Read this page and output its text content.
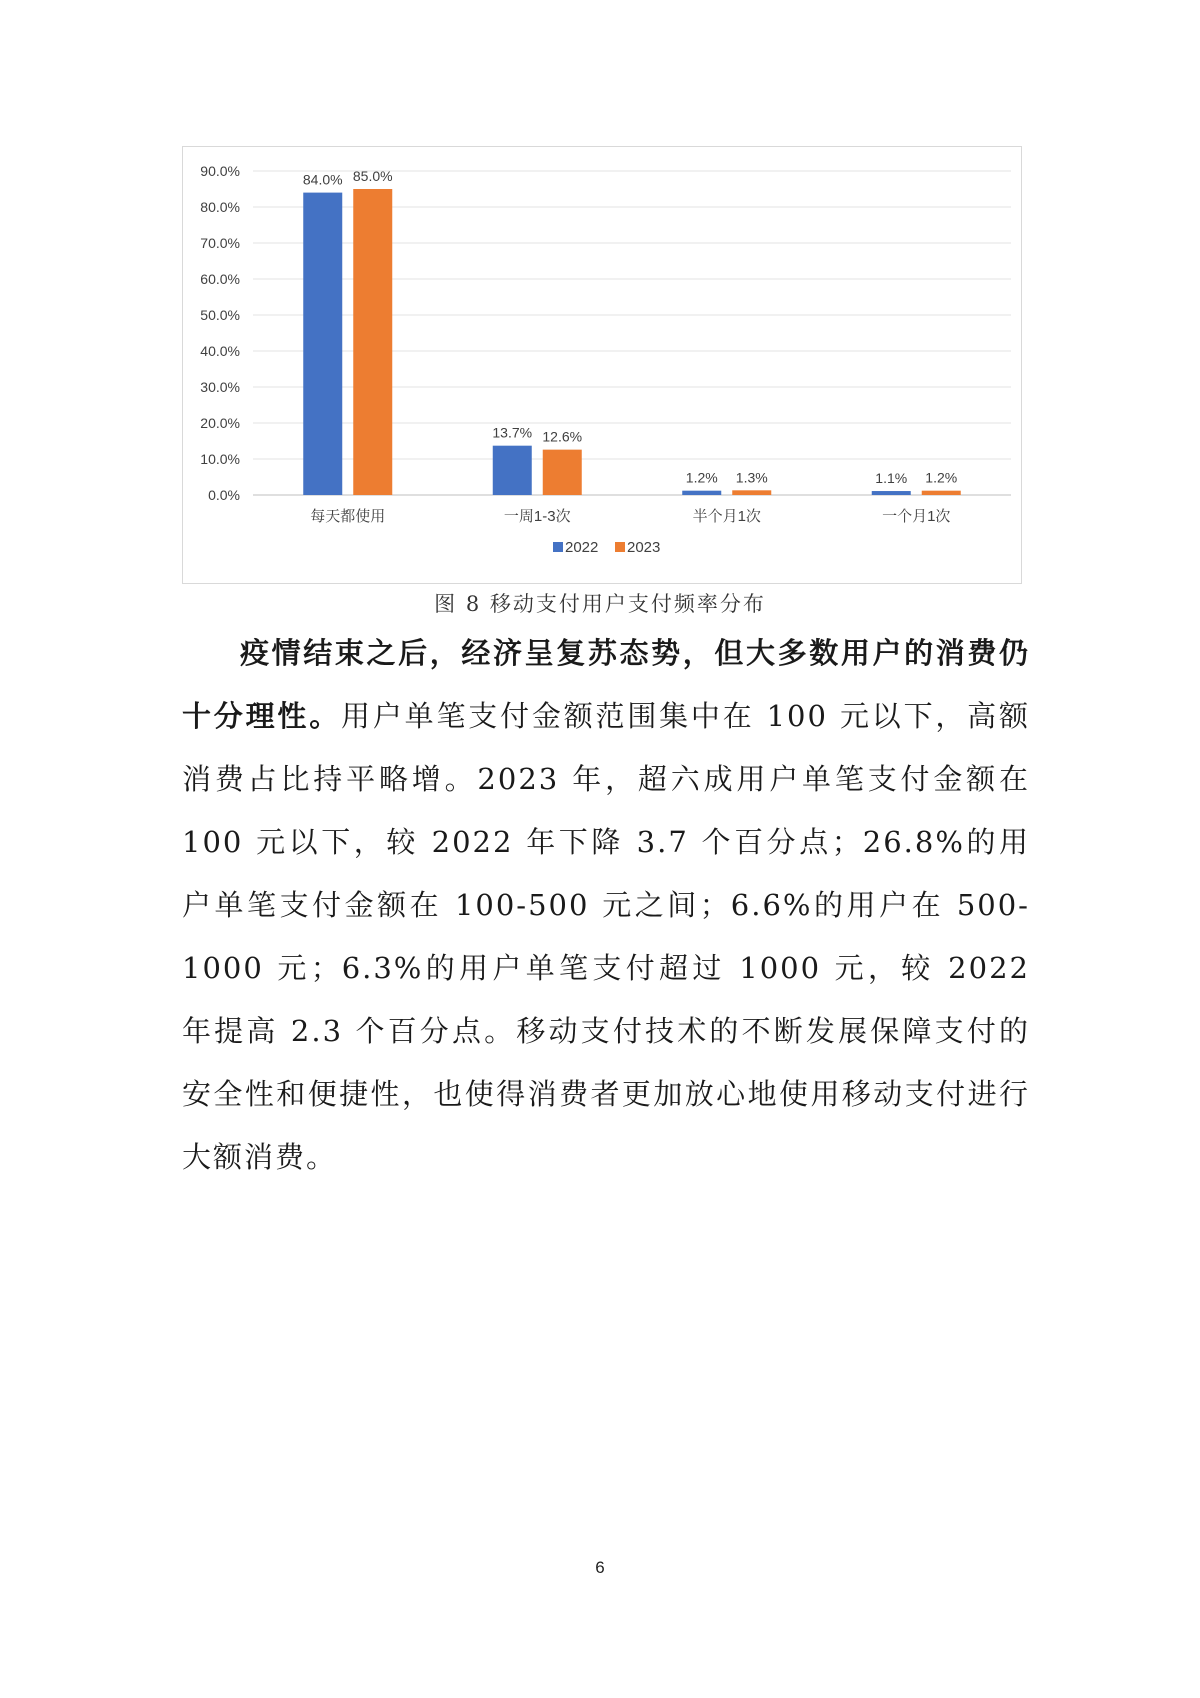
90.0%
80.0%
70.0%
60.0%
50.0%
40.0%
30.0%
20.0%
10.0%
0.0%
84.0% 85.0%
每天都使用
13.7% 12.6%
一周1-3次
1.2% 1.3%
半个月1次
1.1% 1.2%
一个月1次
2022 2023
图 8 移动支付用户支付频率分布

疫情结束之后，经济呈复苏态势，但大多数用户的消费仍十分理性。用户单笔支付金额范围集中在 100 元以下，高额消费占比持平略增。2023 年，超六成用户单笔支付金额在 100 元以下，较 2022 年下降 3.7 个百分点；26.8%的用户单笔支付金额在 100-500 元之间；6.6%的用户在 500-1000 元；6.3%的用户单笔支付超过 1000 元，较 2022 年提高 2.3 个百分点。移动支付技术的不断发展保障支付的安全性和便捷性，也使得消费者更加放心地使用移动支付进行大额消费。

6
